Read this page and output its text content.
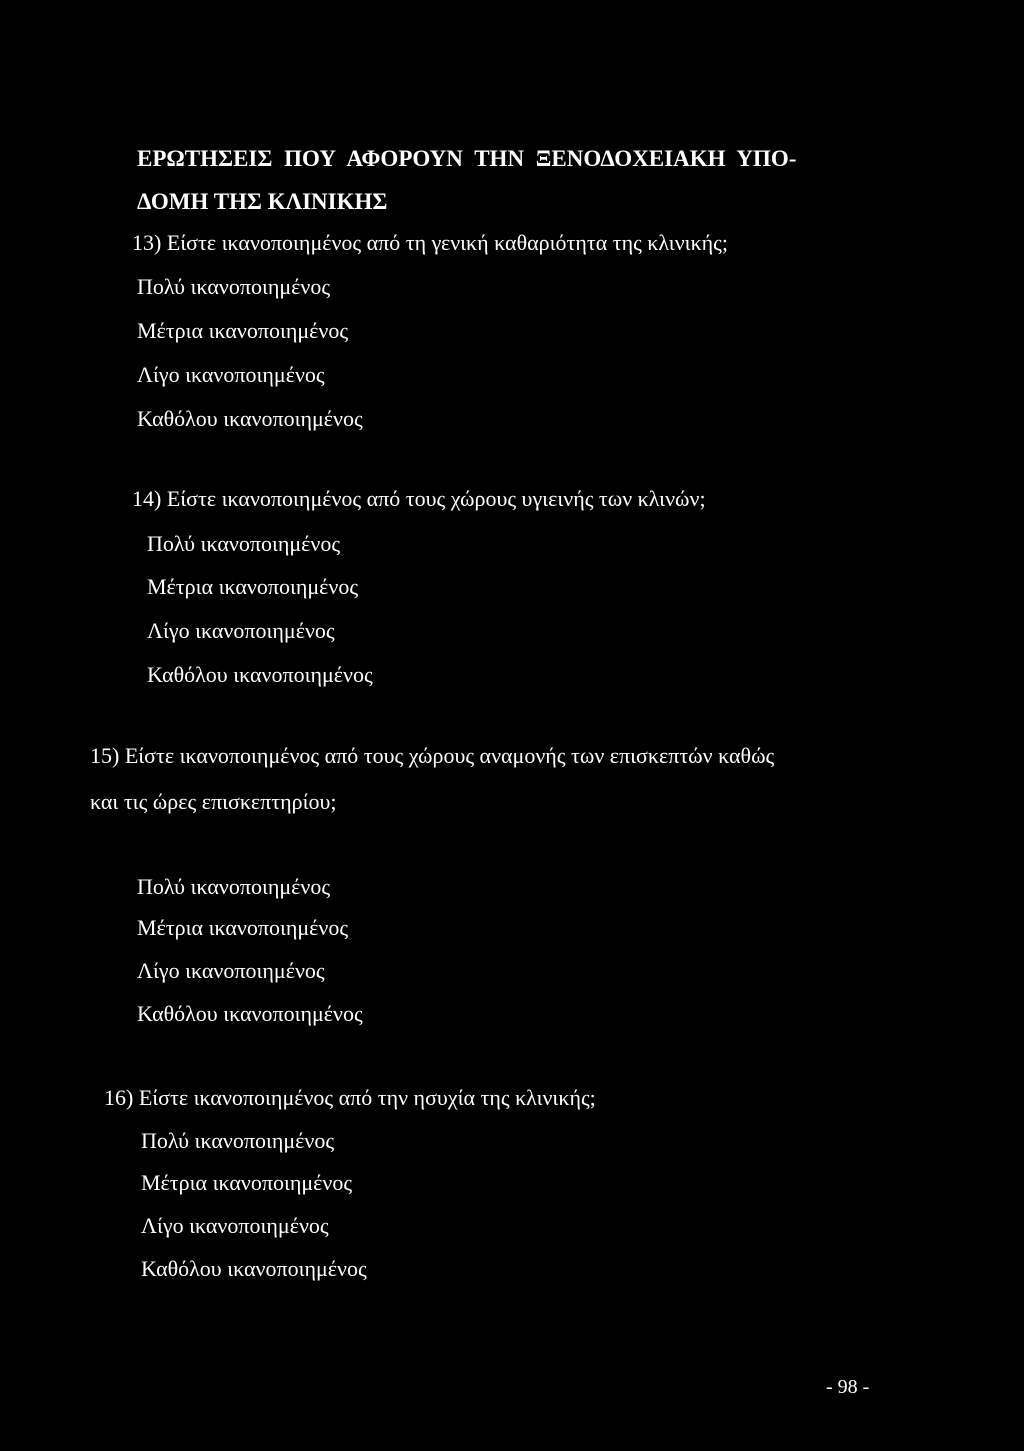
ΕΡΩΤΗΣΕΙΣ ΠΟΥ ΑΦΟΡΟΥΝ ΤΗΝ ΞΕΝΟΔΟΧΕΙΑΚΗ ΥΠΟ-
ΔΟΜΗ ΤΗΣ ΚΛΙΝΙΚΗΣ
13) Είστε ικανοποιημένος από τη γενική καθαριότητα της κλινικής;
Πολύ ικανοποιημένος
Μέτρια ικανοποιημένος
Λίγο ικανοποιημένος
Καθόλου ικανοποιημένος
14) Είστε ικανοποιημένος από τους χώρους υγιεινής των κλινών;
Πολύ ικανοποιημένος
Μέτρια ικανοποιημένος
Λίγο ικανοποιημένος
Καθόλου ικανοποιημένος
15) Είστε ικανοποιημένος από τους χώρους αναμονής των επισκεπτών καθώς
και τις ώρες επισκεπτηρίου;
Πολύ ικανοποιημένος
Μέτρια ικανοποιημένος
Λίγο ικανοποιημένος
Καθόλου ικανοποιημένος
16) Είστε ικανοποιημένος από την ησυχία της κλινικής;
Πολύ ικανοποιημένος
Μέτρια ικανοποιημένος
Λίγο ικανοποιημένος
Καθόλου ικανοποιημένος
- 98 -
